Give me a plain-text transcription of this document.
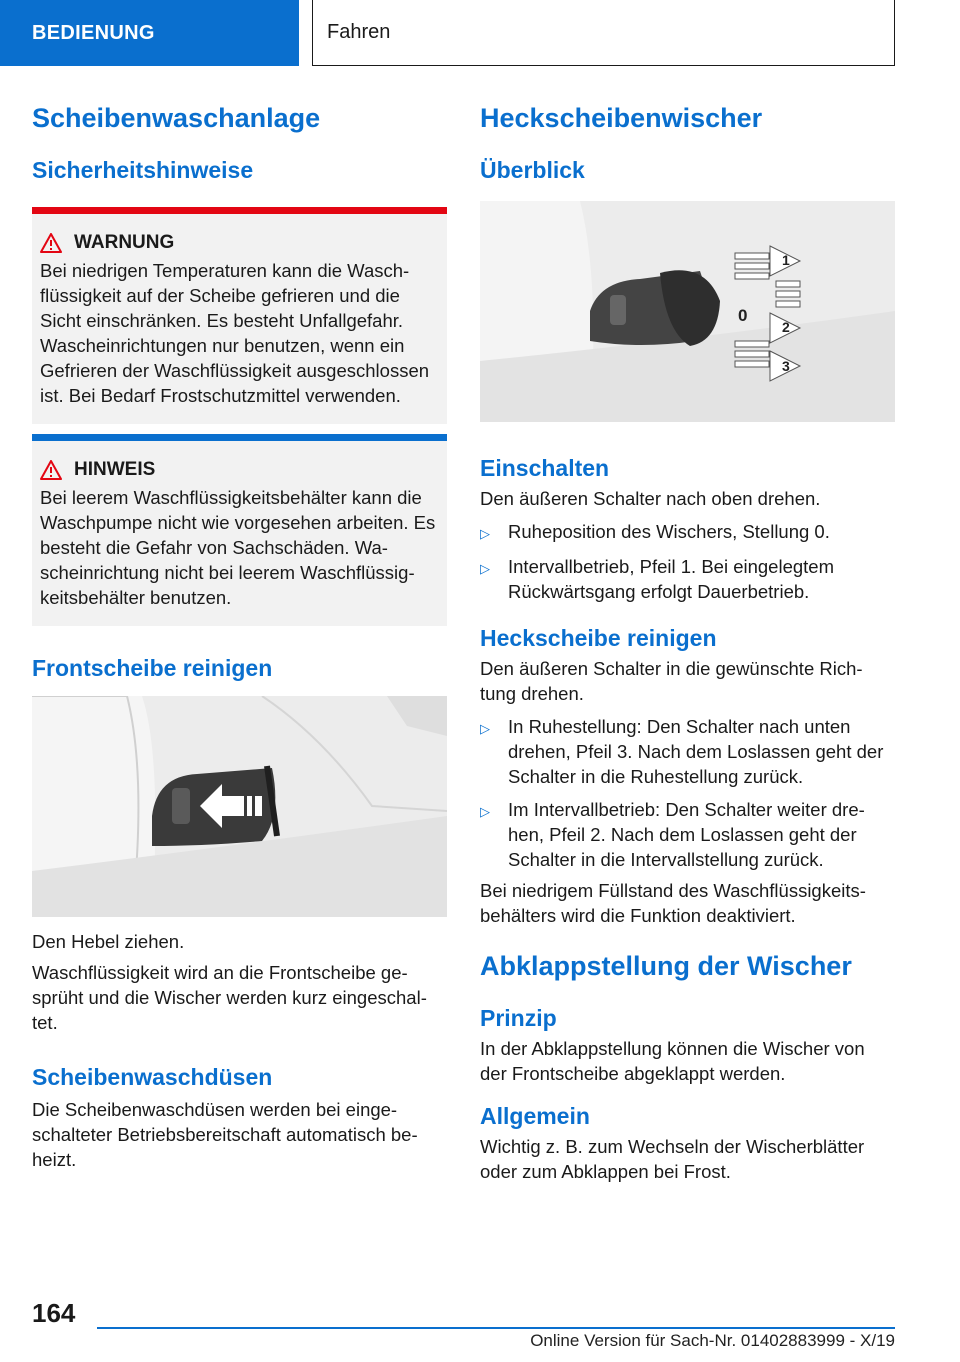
BEDIENUNG	Fahren
Scheibenwaschanlage
Sicherheitshinweise
WARNUNG

Bei niedrigen Temperaturen kann die Wasch-flüssigkeit auf der Scheibe gefrieren und die Sicht einschränken. Es besteht Unfallgefahr. Wascheinrichtungen nur benutzen, wenn ein Gefrieren der Waschflüssigkeit ausgeschlossen ist. Bei Bedarf Frostschutzmittel verwenden.

HINWEIS

Bei leerem Waschflüssigkeitsbehälter kann die Waschpumpe nicht wie vorgesehen arbeiten. Es besteht die Gefahr von Sachschäden. Wa-scheinrichtung nicht bei leerem Waschflüssig-keitsbehälter benutzen.

Frontscheibe reinigen

Den Hebel ziehen.

Waschflüssigkeit wird an die Frontscheibe ge-sprüht und die Wischer werden kurz eingeschal-tet.

Scheibenwaschdüsen

Die Scheibenwaschdüsen werden bei einge-schalteter Betriebsbereitschaft automatisch be-heizt.

Heckscheibenwischer
Überblick
1
0
2
3
Einschalten

Den äußeren Schalter nach oben drehen.

▷ Ruheposition des Wischers, Stellung 0.
▷ Intervallbetrieb, Pfeil 1. Bei eingelegtem Rückwärtsgang erfolgt Dauerbetrieb.
Heckscheibe reinigen

Den äußeren Schalter in die gewünschte Rich-tung drehen.

▷ In Ruhestellung: Den Schalter nach unten drehen, Pfeil 3. Nach dem Loslassen geht der Schalter in die Ruhestellung zurück.
▷ Im Intervallbetrieb: Den Schalter weiter dre-hen, Pfeil 2. Nach dem Loslassen geht der Schalter in die Intervallstellung zurück.

Bei niedrigem Füllstand des Waschflüssigkeits-behälters wird die Funktion deaktiviert.

Abklappstellung der Wischer
Prinzip

In der Abklappstellung können die Wischer von der Frontscheibe abgeklappt werden.

Allgemein

Wichtig z. B. zum Wechseln der Wischerblätter oder zum Abklappen bei Frost.

164
Online Version für Sach-Nr. 01402883999 - X/19
